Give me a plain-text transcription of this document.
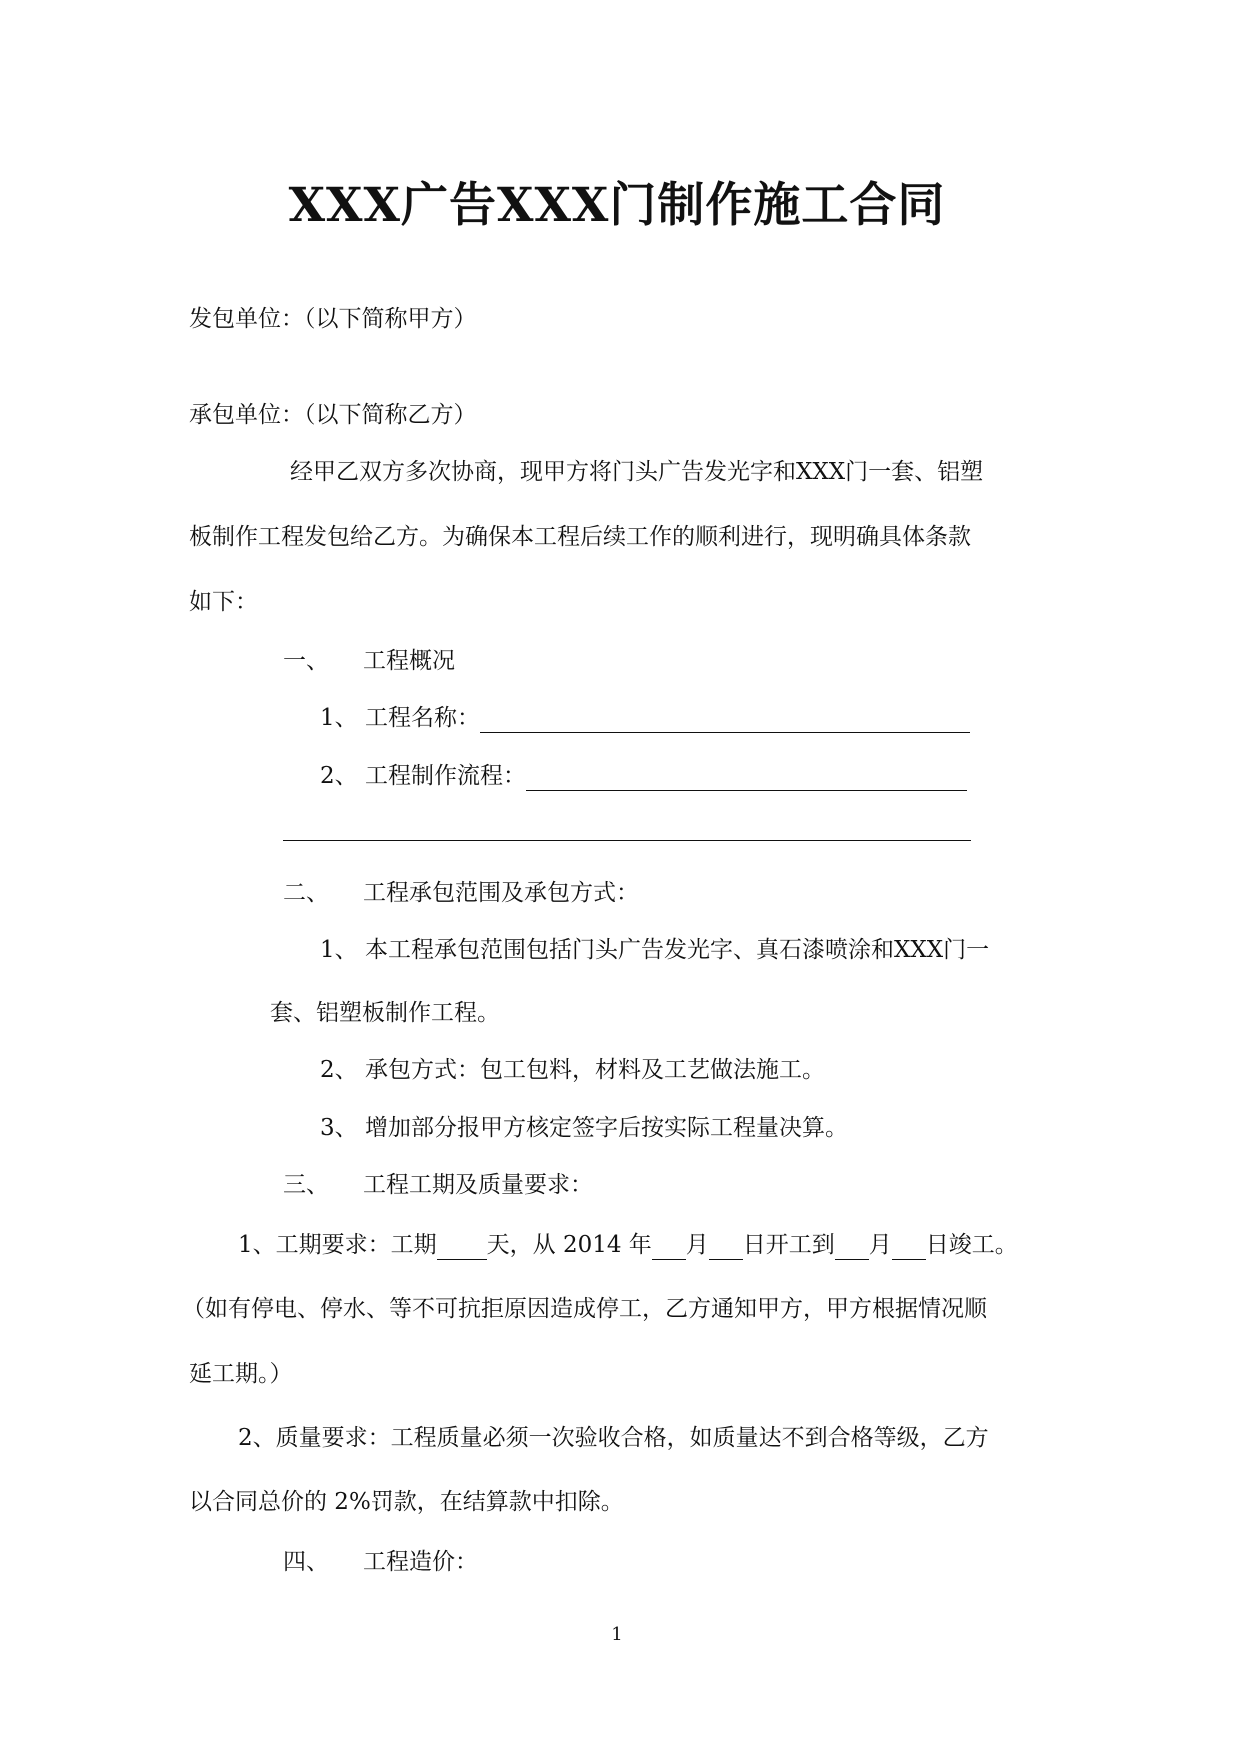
XXX广告XXX门制作施工合同
发包单位：（以下简称甲方）
承包单位：（以下简称乙方）
经甲乙双方多次协商，现甲方将门头广告发光字和XXX门一套、铝塑
板制作工程发包给乙方。为确保本工程后续工作的顺利进行，现明确具体条款
如下：
一、 工程概况
1、 工程名称：
2、 工程制作流程：
二、 工程承包范围及承包方式：
1、 本工程承包范围包括门头广告发光字、真石漆喷涂和XXX门一
套、铝塑板制作工程。
2、 承包方式：包工包料，材料及工艺做法施工。
3、 增加部分报甲方核定签字后按实际工程量决算。
三、 工程工期及质量要求：
1、工期要求：工期 天，从 2014 年 月 日开工到 月 日竣工。
（如有停电、停水、等不可抗拒原因造成停工，乙方通知甲方，甲方根据情况顺
延工期。）
2、质量要求：工程质量必须一次验收合格，如质量达不到合格等级，乙方
以合同总价的 2%罚款，在结算款中扣除。
四、 工程造价：
1
